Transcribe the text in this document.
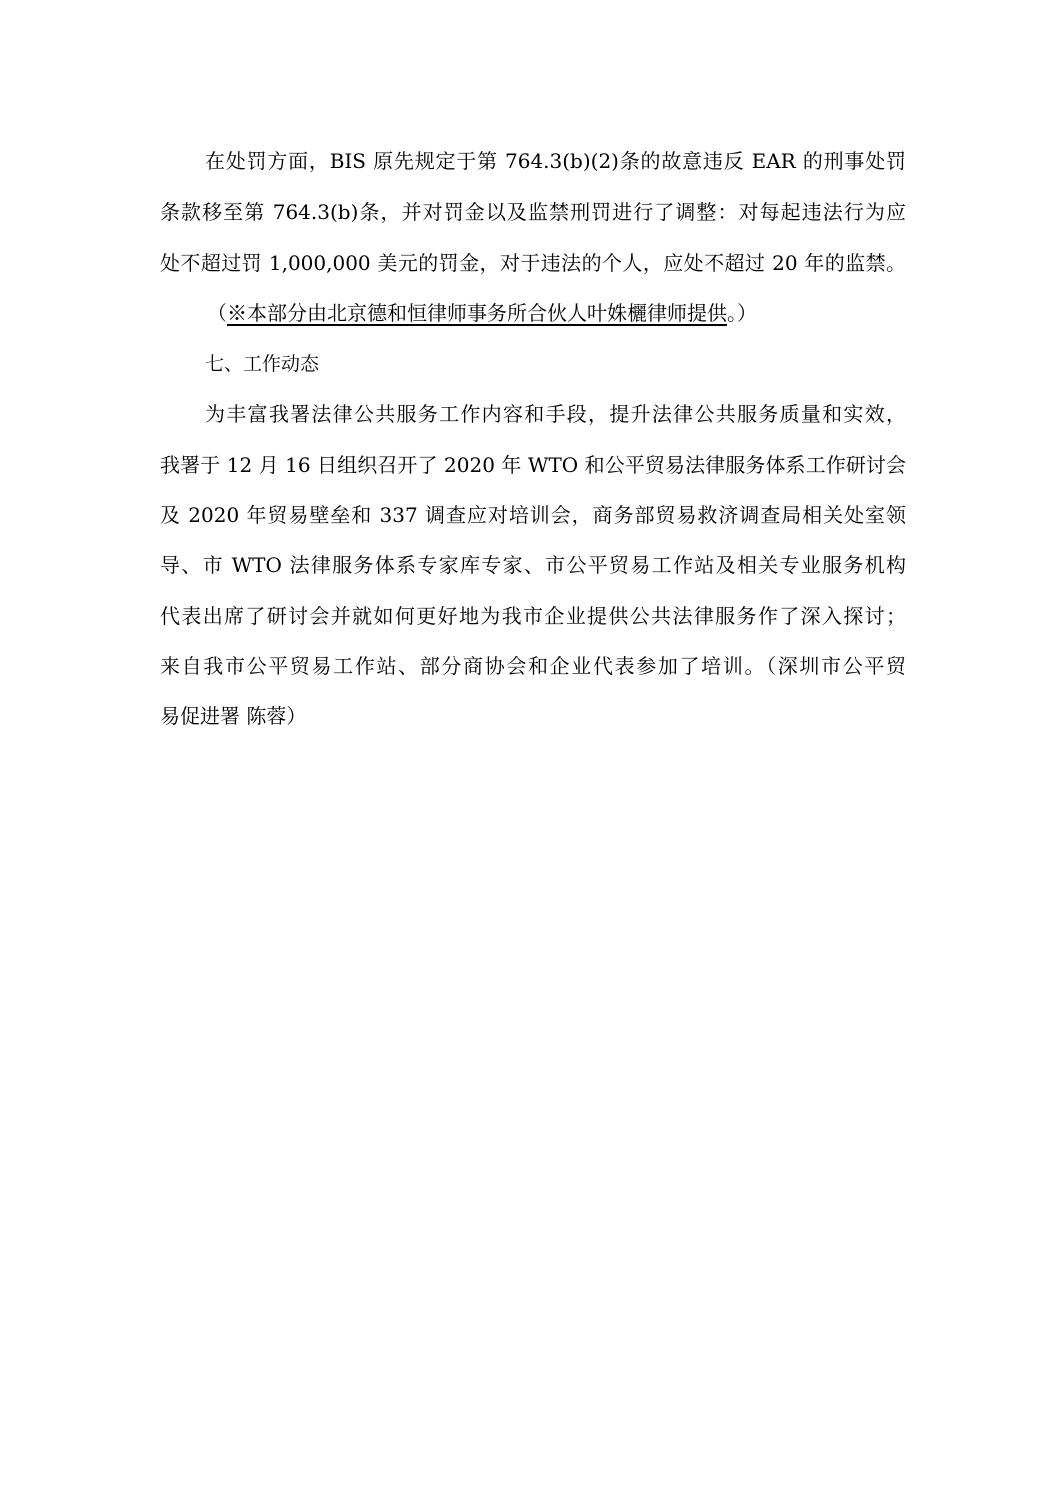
在处罚方面，BIS 原先规定于第 764.3(b)(2)条的故意违反 EAR 的刑事处罚
条款移至第 764.3(b)条，并对罚金以及监禁刑罚进行了调整：对每起违法行为应
处不超过罚 1,000,000 美元的罚金，对于违法的个人，应处不超过 20 年的监禁。
（※本部分由北京德和恒律师事务所合伙人叶姝欐律师提供。）
七、工作动态
为丰富我署法律公共服务工作内容和手段，提升法律公共服务质量和实效，
我署于 12 月 16 日组织召开了 2020 年 WTO 和公平贸易法律服务体系工作研讨会
及 2020 年贸易壁垒和 337 调查应对培训会，商务部贸易救济调查局相关处室领
导、市 WTO 法律服务体系专家库专家、市公平贸易工作站及相关专业服务机构
代表出席了研讨会并就如何更好地为我市企业提供公共法律服务作了深入探讨；
来自我市公平贸易工作站、部分商协会和企业代表参加了培训。（深圳市公平贸
易促进署 陈蓉）
